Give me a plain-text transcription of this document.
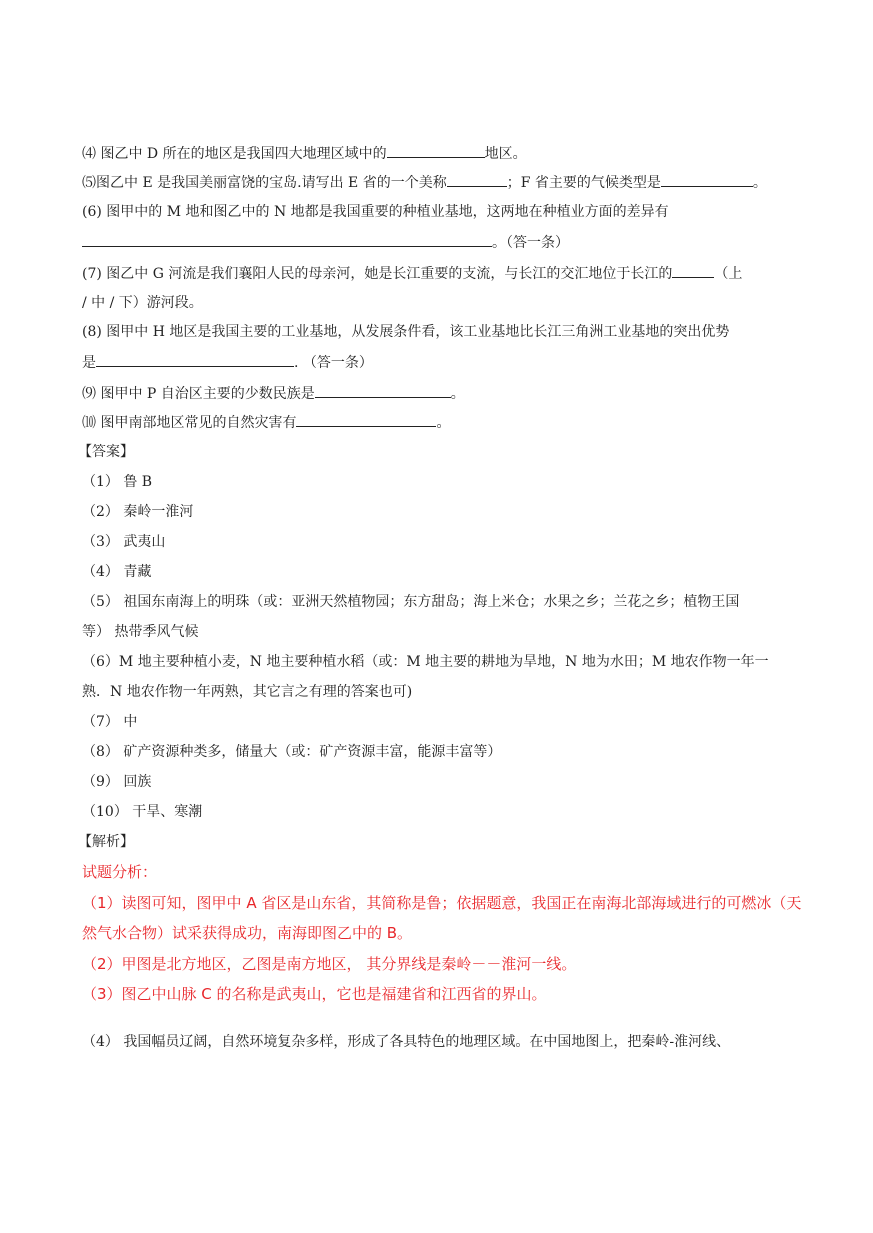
⑷ 图乙中 D 所在的地区是我国四大地理区域中的	地区。
⑸图乙中 E 是我国美丽富饶的宝岛.请写出 E 省的一个美称	；F 省主要的气候类型是	。
(6) 图甲中的 M 地和图乙中的 N 地都是我国重要的种植业基地，这两地在种植业方面的差异有
。（答一条）
(7) 图乙中 G 河流是我们襄阳人民的母亲河，她是长江重要的支流，与长江的交汇地位于长江的	（上
/ 中 / 下）游河段。
(8) 图甲中 H 地区是我国主要的工业基地，从发展条件看，该工业基地比长江三角洲工业基地的突出优势
是	. （答一条）
⑼ 图甲中 P 自治区主要的少数民族是	。
⑽ 图甲南部地区常见的自然灾害有	。
【答案】
（1） 鲁 B
（2） 秦岭一淮河
（3） 武夷山
（4） 青藏
（5） 祖国东南海上的明珠（或：亚洲天然植物园；东方甜岛；海上米仓；水果之乡；兰花之乡；植物王国
等） 热带季风气候
（6）M 地主要种植小麦，N 地主要种植水稻（或：M 地主要的耕地为旱地，N 地为水田；M 地农作物一年一
熟．N 地农作物一年两熟，其它言之有理的答案也可)
（7） 中
（8） 矿产资源种类多，储量大（或：矿产资源丰富，能源丰富等）
（9） 回族
（10） 干旱、寒潮
【解析】
试题分析：
（1）读图可知，图甲中 A 省区是山东省，其简称是鲁；依据题意，我国正在南海北部海域进行的可燃冰（天
然气水合物）试采获得成功，南海即图乙中的 B。
（2）甲图是北方地区，乙图是南方地区， 其分界线是秦岭－－淮河一线。
（3）图乙中山脉 C 的名称是武夷山，它也是福建省和江西省的界山。
（4） 我国幅员辽阔，自然环境复杂多样，形成了各具特色的地理区域。在中国地图上，把秦岭-淮河线、
